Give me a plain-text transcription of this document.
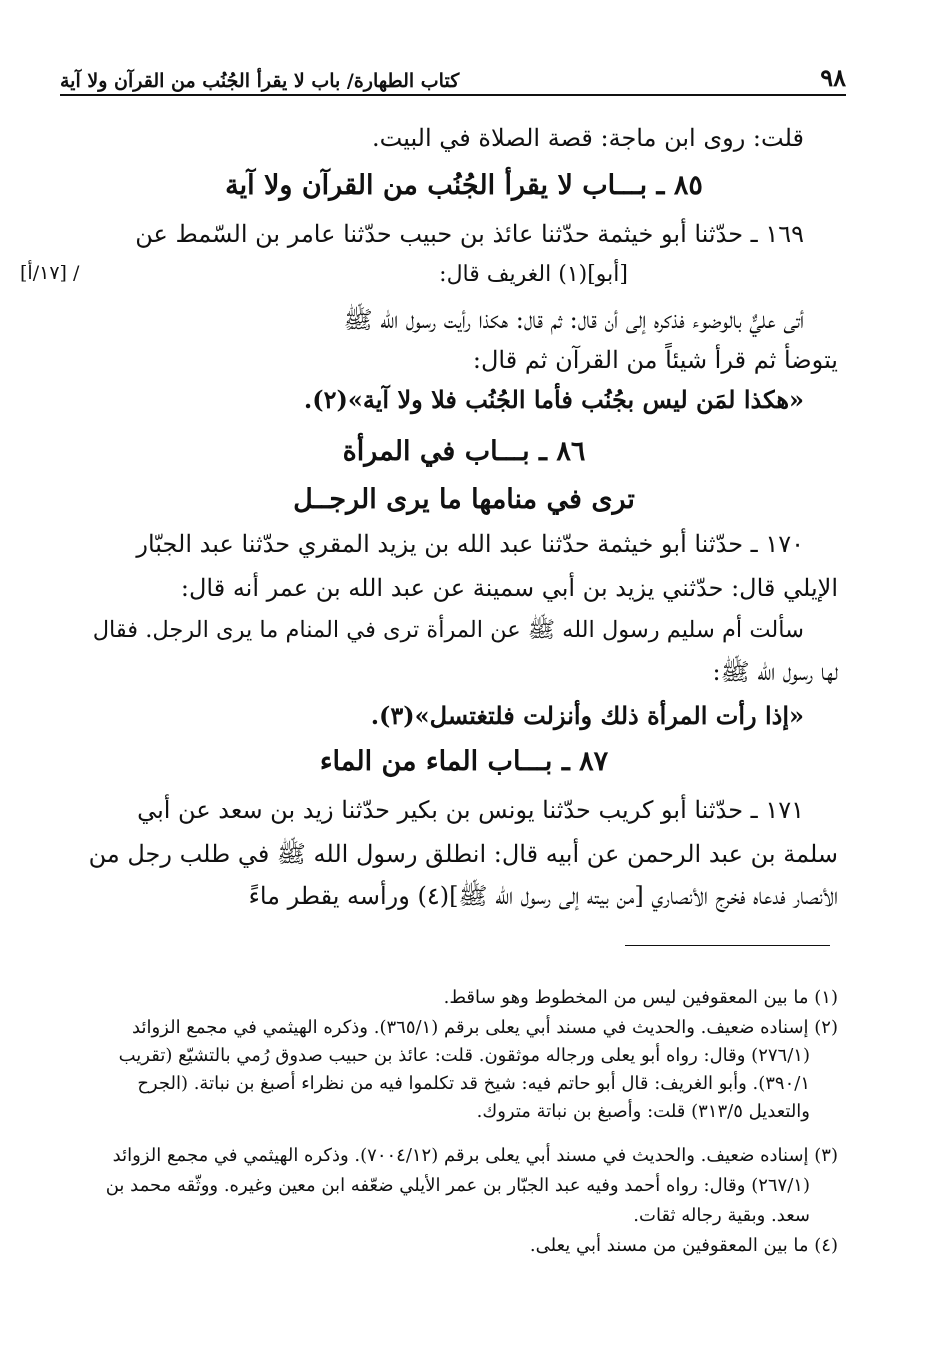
٩٨
كتاب الطهارة/ باب لا يقرأ الجُنُب من القرآن ولا آية
قلت: روى ابن ماجة: قصة الصلاة في البيت.
٨٥ ـ بـــاب لا يقرأ الجُنُب من القرآن ولا آية
١٦٩ ـ حدّثنا أبو خيثمة حدّثنا عائذ بن حبيب حدّثنا عامر بن السّمط عن
[١٧/أ] /	[أبو](١) الغريف قال:
أتى عليٌّ بالوضوء فذكره إلى أن قال: ثم قال: هكذا رأيت رسول الله ﷺ
يتوضأ ثم قرأ شيئاً من القرآن ثم قال:
«هكذا لمَن ليس بجُنُب فأما الجُنُب فلا ولا آية»(٢).
٨٦ ـ بـــاب في المرأة
ترى في منامها ما يرى الرجــل
١٧٠ ـ حدّثنا أبو خيثمة حدّثنا عبد الله بن يزيد المقري حدّثنا عبد الجبّار
الإيلي قال: حدّثني يزيد بن أبي سمينة عن عبد الله بن عمر أنه قال:
سألت أم سليم رسول الله ﷺ عن المرأة ترى في المنام ما يرى الرجل. فقال
لها رسول الله ﷺ:
«إذا رأت المرأة ذلك وأنزلت فلتغتسل»(٣).
٨٧ ـ بـــاب الماء من الماء
١٧١ ـ حدّثنا أبو كريب حدّثنا يونس بن بكير حدّثنا زيد بن سعد عن أبي
سلمة بن عبد الرحمن عن أبيه قال: انطلق رسول الله ﷺ في طلب رجل من
الأنصار فدعاه فخرج الأنصاري [من بيته إلى رسول الله ﷺ](٤) ورأسه يقطر ماءً
(١) ما بين المعقوفين ليس من المخطوط وهو ساقط.
(٢) إسناده ضعيف. والحديث في مسند أبي يعلى برقم (٣٦٥/١). وذكره الهيثمي في مجمع الزوائد
(٢٧٦/١) وقال: رواه أبو يعلى ورجاله موثقون. قلت: عائذ بن حبيب صدوق رُمي بالتشيّع (تقريب
٣٩٠/١). وأبو الغريف: قال أبو حاتم فيه: شيخ قد تكلموا فيه من نظراء أصبغ بن نباتة. (الجرح
والتعديل ٣١٣/٥) قلت: وأصبغ بن نباتة متروك.
(٣) إسناده ضعيف. والحديث في مسند أبي يعلى برقم (٧٠٠٤/١٢). وذكره الهيثمي في مجمع الزوائد
(٢٦٧/١) وقال: رواه أحمد وفيه عبد الجبّار بن عمر الأيلي ضعّفه ابن معين وغيره. ووثّقه محمد بن
سعد. وبقية رجاله ثقات.
(٤) ما بين المعقوفين من مسند أبي يعلى.
